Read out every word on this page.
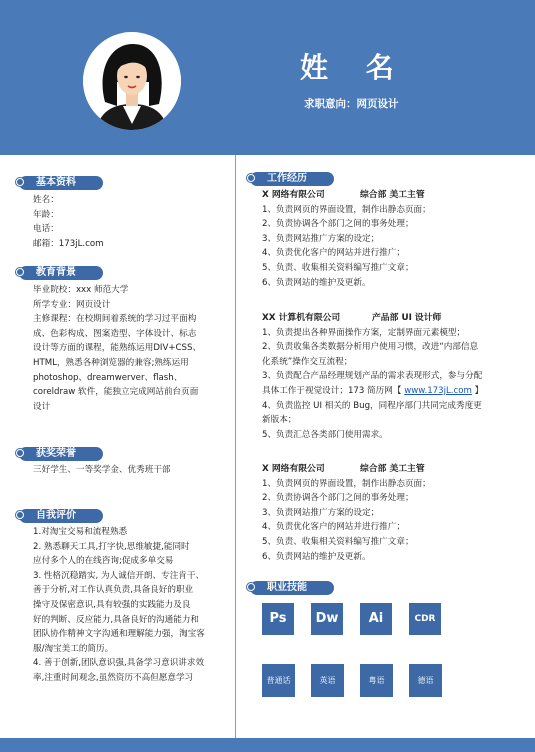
姓 名
求职意向：网页设计
基本资料
姓名：
年龄：
电话：
邮箱：173jL.com
教育背景
毕业院校：xxx 师范大学
所学专业：网页设计
主修课程：在校期间着系统的学习过平面构
成、色彩构成、图案造型、字体设计、标志
设计等方面的课程，能熟练运用DIV+CSS、
HTML，熟悉各种浏览器的兼容;熟练运用
photoshop、dreamwerver、flash、
coreldraw 软件，能独立完成网站前台页面
设计
获奖荣誉
三好学生、一等奖学金、优秀班干部
自我评价
1.对淘宝交易和流程熟悉
2. 熟悉聊天工具,打字快,思维敏捷,能同时
应付多个人的在线咨询;促成多单交易
3. 性格沉稳踏实, 为人诚信开朗、专注肯干、
善于分析,对工作认真负责,具备良好的职业
操守及保密意识,具有较强的实践能力及良
好的判断、反应能力,具备良好的沟通能力和
团队协作精神文字沟通和理解能力强，淘宝客
服/淘宝美工的简历。
4. 善于创新,团队意识强,具备学习意识讲求效
率,注重时间观念,虽然资历不高但愿意学习
工作经历
X 网络有限公司	综合部 美工主管
1、负责网页的界面设置，制作出静态页面；
2、负责协调各个部门之间的事务处理；
3、负责网站推广方案的设定；
4、负责优化客户的网站并进行推广；
5、负责、收集相关资料编写推广文章；
6、负责网站的维护及更新。
XX 计算机有限公司	产品部 UI 设计师
1、负责提出各种界面操作方案，定制界面元素模型；
2、负责收集各类数据分析用户使用习惯，改进“内部信息
化系统”操作交互流程；
3、负责配合产品经理规划产品的需求表现形式，参与分配
具体工作于视觉设计；173 简历网【 www.173jL.com 】
4、负责监控 UI 相关的 Bug，同程序部门共同完成秀度更
新版本；
5、负责汇总各类部门使用需求。
X 网络有限公司	综合部 美工主管
1、负责网页的界面设置，制作出静态页面；
2、负责协调各个部门之间的事务处理；
3、负责网站推广方案的设定；
4、负责优化客户的网站并进行推广；
5、负责、收集相关资料编写推广文章；
6、负责网站的维护及更新。
职业技能
Ps	Dw	Ai	CDR
普通话	英语	粤语	德语
